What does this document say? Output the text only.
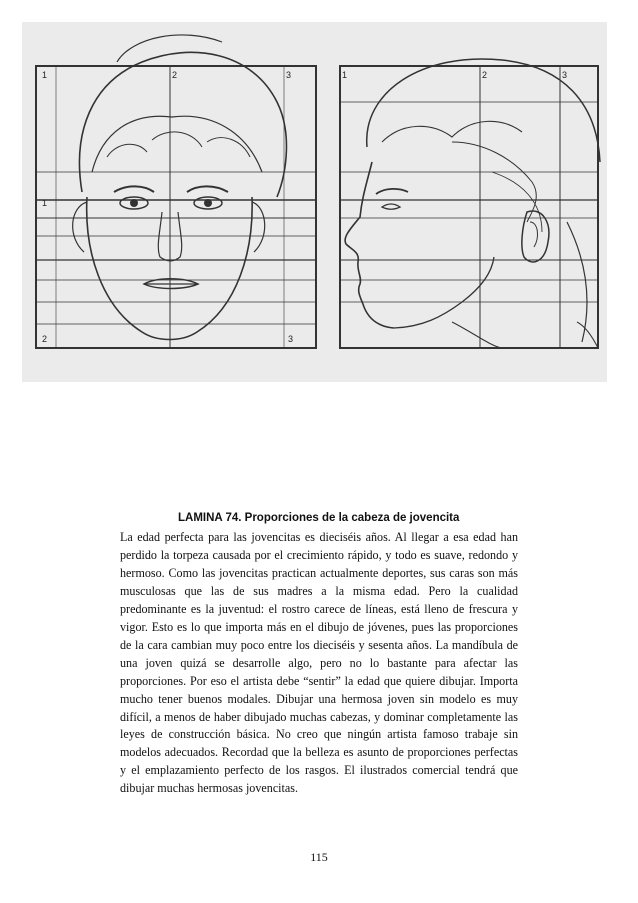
1	2	3
1
2	3
1	2	3
LAMINA 74. Proporciones de la cabeza de jovencita
La edad perfecta para las jovencitas es dieciséis años. Al llegar a esa edad han perdido la torpeza causada por el crecimiento rápido, y todo es suave, redondo y hermoso. Como las jovencitas practican actualmente deportes, sus caras son más musculosas que las de sus madres a la misma edad. Pero la cualidad predominante es la juventud: el rostro carece de líneas, está lleno de frescura y vigor. Esto es lo que importa más en el dibujo de jóvenes, pues las proporciones de la cara cambian muy poco entre los dieciséis y sesenta años. La mandíbula de una joven quizá se desarrolle algo, pero no lo bastante para afectar las proporciones. Por eso el artista debe “sentir” la edad que quiere dibujar. Importa mucho tener buenos modales. Dibujar una hermosa joven sin modelo es muy difícil, a menos de haber dibujado muchas cabezas, y dominar completamente las leyes de construcción básica. No creo que ningún artista famoso trabaje sin modelos adecuados. Recordad que la belleza es asunto de proporciones perfectas y el emplazamiento perfecto de los rasgos. El ilustrados comercial tendrá que dibujar muchas hermosas jovencitas.
115
